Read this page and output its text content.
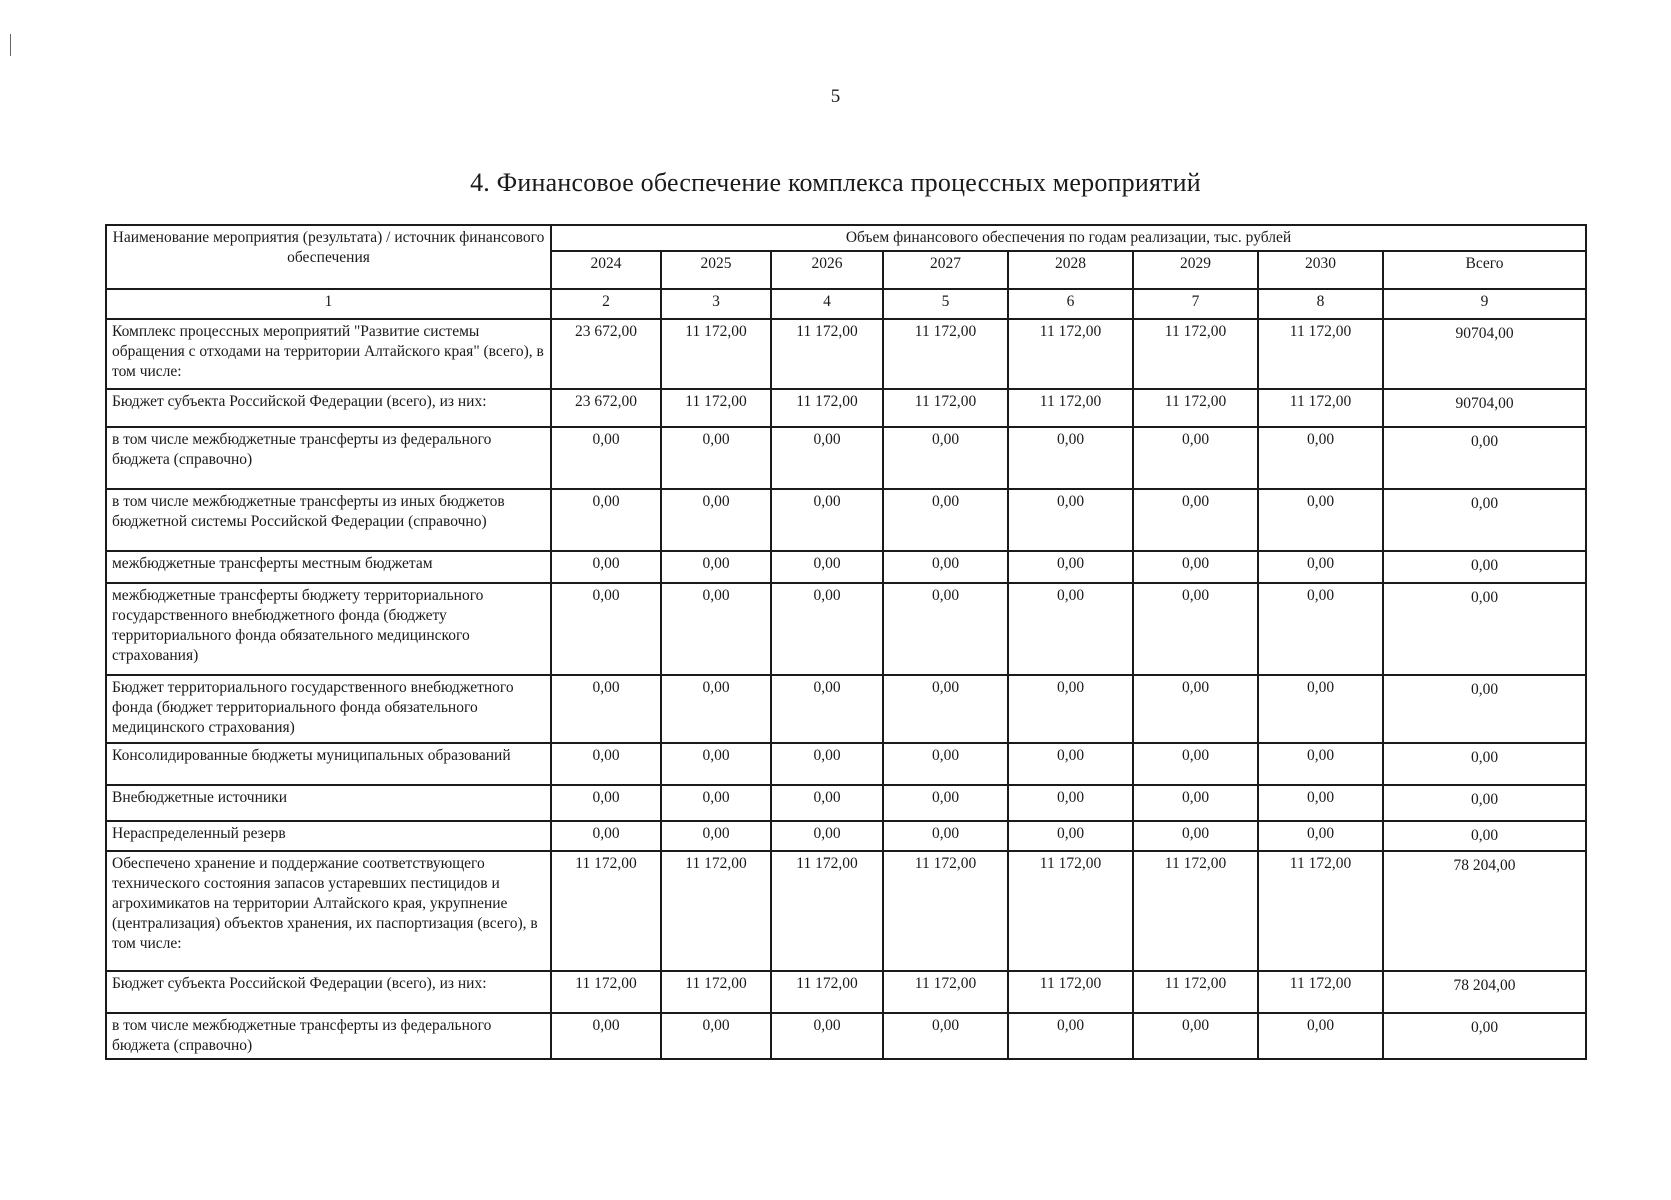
5
4. Финансовое обеспечение комплекса процессных мероприятий
Наименование мероприятия (результата) / источник финансового обеспечения	Объем финансового обеспечения по годам реализации, тыс. рублей							
	2024	2025	2026	2027	2028	2029	2030	Всего
1	2	3	4	5	6	7	8	9
Комплекс процессных мероприятий "Развитие системы обращения с отходами на территории Алтайского края" (всего), в том числе:	23 672,00	11 172,00	11 172,00	11 172,00	11 172,00	11 172,00	11 172,00	90704,00
Бюджет субъекта Российской Федерации (всего), из них:	23 672,00	11 172,00	11 172,00	11 172,00	11 172,00	11 172,00	11 172,00	90704,00
в том числе межбюджетные трансферты из федерального бюджета (справочно)	0,00	0,00	0,00	0,00	0,00	0,00	0,00	0,00
в том числе межбюджетные трансферты из иных бюджетов бюджетной системы Российской Федерации (справочно)	0,00	0,00	0,00	0,00	0,00	0,00	0,00	0,00
межбюджетные трансферты местным бюджетам	0,00	0,00	0,00	0,00	0,00	0,00	0,00	0,00
межбюджетные трансферты бюджету территориального государственного внебюджетного фонда (бюджету территориального фонда обязательного медицинского страхования)	0,00	0,00	0,00	0,00	0,00	0,00	0,00	0,00
Бюджет территориального государственного внебюджетного фонда (бюджет территориального фонда обязательного медицинского страхования)	0,00	0,00	0,00	0,00	0,00	0,00	0,00	0,00
Консолидированные бюджеты муниципальных образований	0,00	0,00	0,00	0,00	0,00	0,00	0,00	0,00
Внебюджетные источники	0,00	0,00	0,00	0,00	0,00	0,00	0,00	0,00
Нераспределенный резерв	0,00	0,00	0,00	0,00	0,00	0,00	0,00	0,00
Обеспечено хранение и поддержание соответствующего технического состояния запасов устаревших пестицидов и агрохимикатов на территории Алтайского края, укрупнение (централизация) объектов хранения, их паспортизация (всего), в том числе:	11 172,00	11 172,00	11 172,00	11 172,00	11 172,00	11 172,00	11 172,00	78 204,00
Бюджет субъекта Российской Федерации (всего), из них:	11 172,00	11 172,00	11 172,00	11 172,00	11 172,00	11 172,00	11 172,00	78 204,00
в том числе межбюджетные трансферты из федерального бюджета (справочно)	0,00	0,00	0,00	0,00	0,00	0,00	0,00	0,00
